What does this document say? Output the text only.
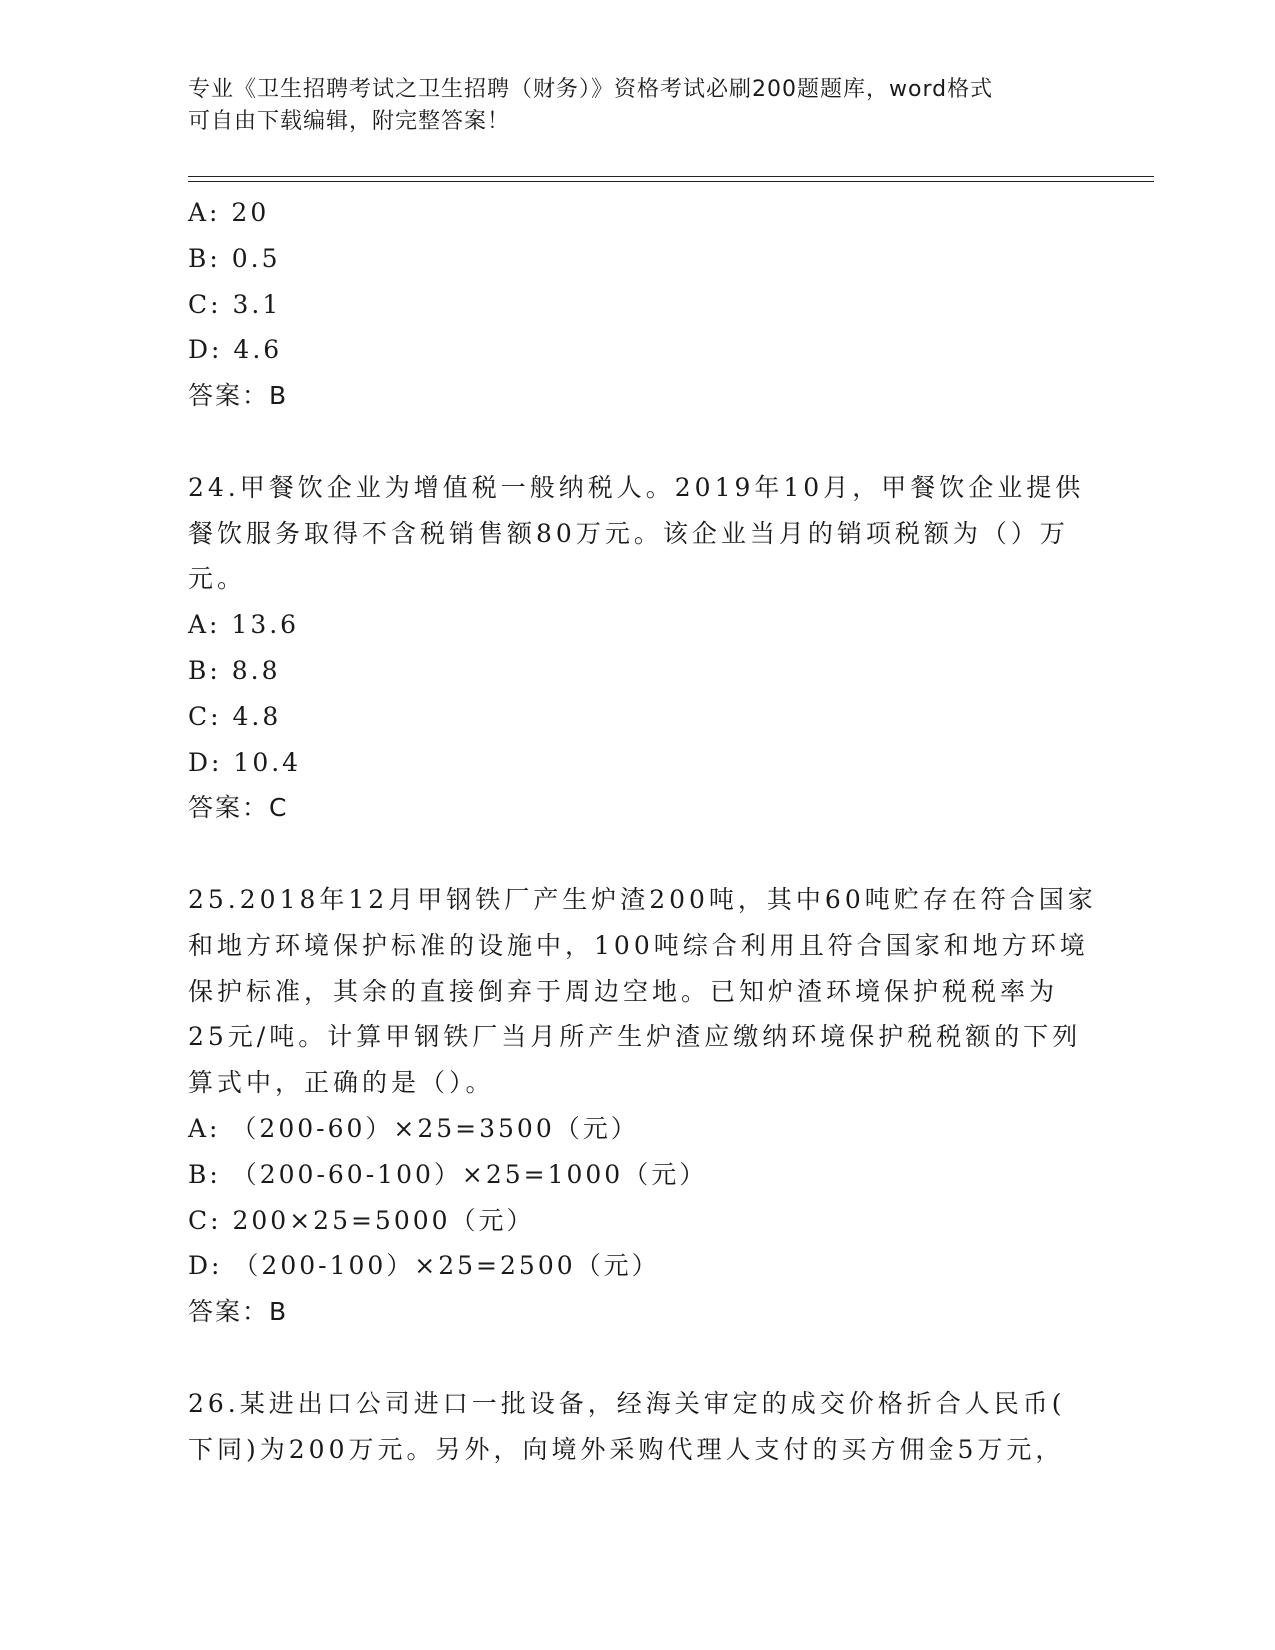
专业《卫生招聘考试之卫生招聘（财务）》资格考试必刷200题题库，word格式
可自由下载编辑，附完整答案！
A: 20
B: 0.5
C: 3.1
D: 4.6
答案：B
24.甲餐饮企业为增值税一般纳税人。2019年10月，甲餐饮企业提供
餐饮服务取得不含税销售额80万元。该企业当月的销项税额为（）万
元。
A: 13.6
B: 8.8
C: 4.8
D: 10.4
答案：C
25.2018年12月甲钢铁厂产生炉渣200吨，其中60吨贮存在符合国家
和地方环境保护标准的设施中，100吨综合利用且符合国家和地方环境
保护标准，其余的直接倒弃于周边空地。已知炉渣环境保护税税率为
25元/吨。计算甲钢铁厂当月所产生炉渣应缴纳环境保护税税额的下列
算式中，正确的是（）。
A: （200-60）×25=3500（元）
B: （200-60-100）×25=1000（元）
C: 200×25=5000（元）
D: （200-100）×25=2500（元）
答案：B
26.某进出口公司进口一批设备，经海关审定的成交价格折合人民币(
下同)为200万元。另外，向境外采购代理人支付的买方佣金5万元，
